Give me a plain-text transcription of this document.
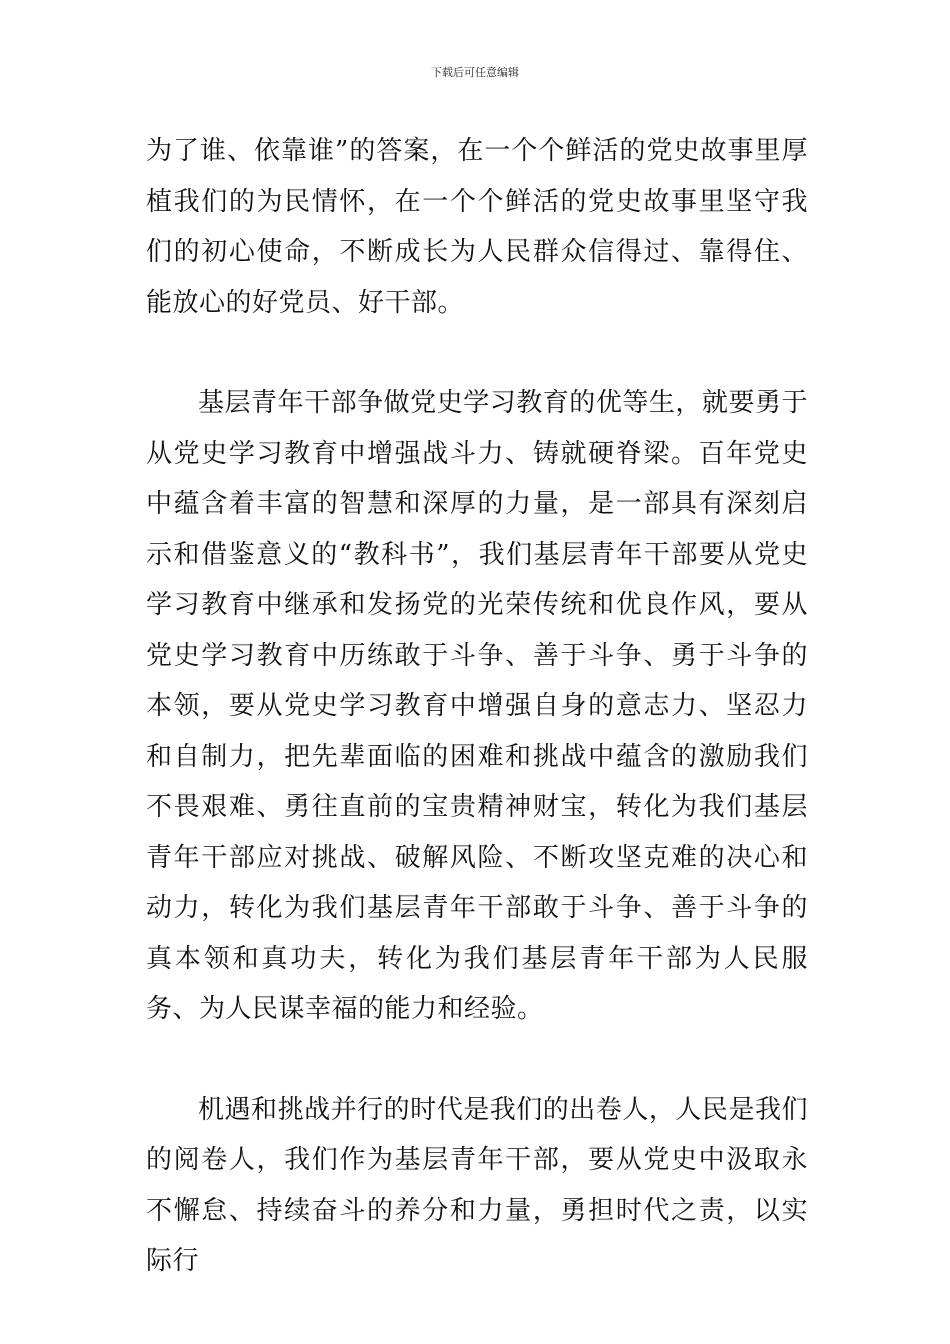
下载后可任意编辑

为了谁、依靠谁”的答案，在一个个鲜活的党史故事里厚植我们的为民情怀，在一个个鲜活的党史故事里坚守我们的初心使命，不断成长为人民群众信得过、靠得住、能放心的好党员、好干部。

基层青年干部争做党史学习教育的优等生，就要勇于从党史学习教育中增强战斗力、铸就硬脊梁。百年党史中蕴含着丰富的智慧和深厚的力量，是一部具有深刻启示和借鉴意义的“教科书”，我们基层青年干部要从党史学习教育中继承和发扬党的光荣传统和优良作风，要从党史学习教育中历练敢于斗争、善于斗争、勇于斗争的本领，要从党史学习教育中增强自身的意志力、坚忍力和自制力，把先辈面临的困难和挑战中蕴含的激励我们不畏艰难、勇往直前的宝贵精神财宝，转化为我们基层青年干部应对挑战、破解风险、不断攻坚克难的决心和动力，转化为我们基层青年干部敢于斗争、善于斗争的真本领和真功夫，转化为我们基层青年干部为人民服务、为人民谋幸福的能力和经验。

机遇和挑战并行的时代是我们的出卷人，人民是我们的阅卷人，我们作为基层青年干部，要从党史中汲取永不懈怠、持续奋斗的养分和力量，勇担时代之责，以实际行
